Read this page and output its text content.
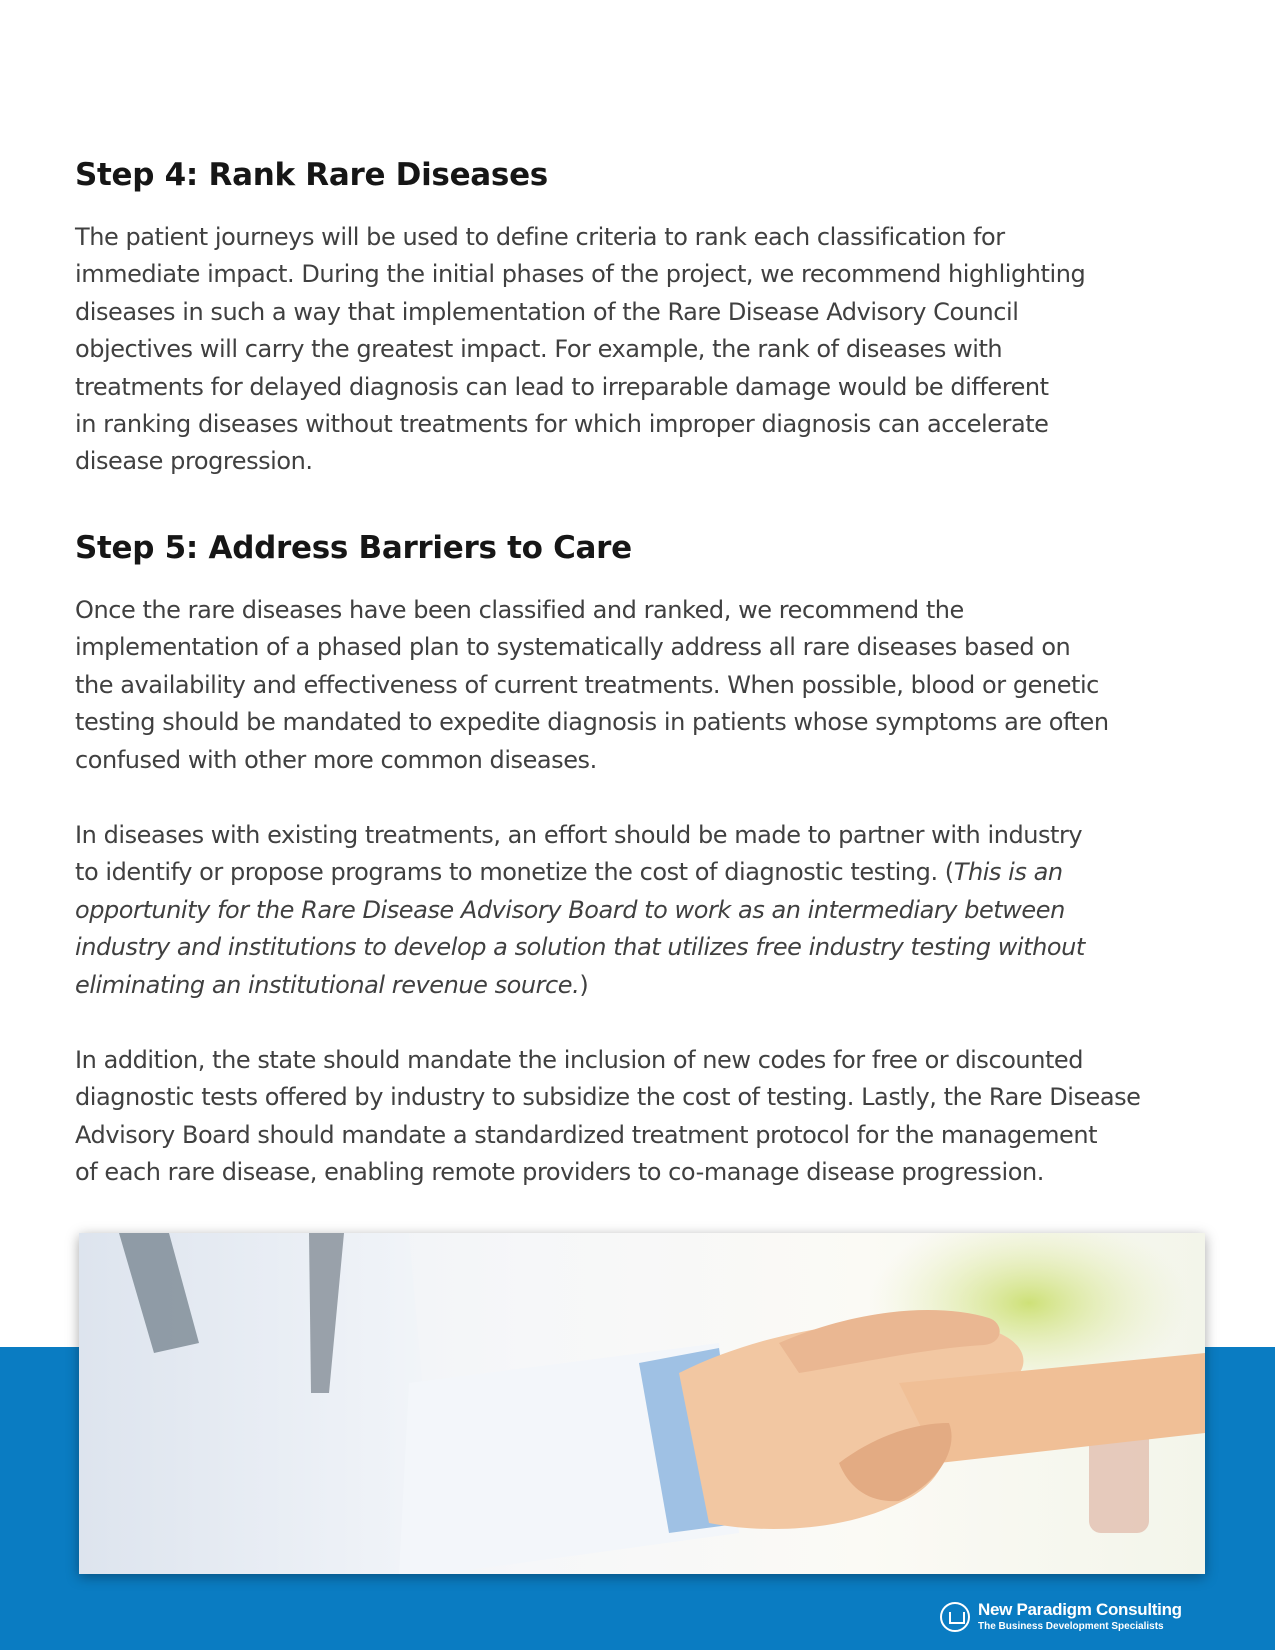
Step 4: Rank Rare Diseases
The patient journeys will be used to define criteria to rank each classification for
immediate impact. During the initial phases of the project, we recommend highlighting
diseases in such a way that implementation of the Rare Disease Advisory Council
objectives will carry the greatest impact. For example, the rank of diseases with
treatments for delayed diagnosis can lead to irreparable damage would be different
in ranking diseases without treatments for which improper diagnosis can accelerate
disease progression.
Step 5: Address Barriers to Care
Once the rare diseases have been classified and ranked, we recommend the
implementation of a phased plan to systematically address all rare diseases based on
the availability and effectiveness of current treatments. When possible, blood or genetic
testing should be mandated to expedite diagnosis in patients whose symptoms are often
confused with other more common diseases.
In diseases with existing treatments, an effort should be made to partner with industry
to identify or propose programs to monetize the cost of diagnostic testing. (This is an
opportunity for the Rare Disease Advisory Board to work as an intermediary between
industry and institutions to develop a solution that utilizes free industry testing without
eliminating an institutional revenue source.)
In addition, the state should mandate the inclusion of new codes for free or discounted
diagnostic tests offered by industry to subsidize the cost of testing. Lastly, the Rare Disease
Advisory Board should mandate a standardized treatment protocol for the management
of each rare disease, enabling remote providers to co-manage disease progression.
New Paradigm Consulting
The Business Development Specialists
